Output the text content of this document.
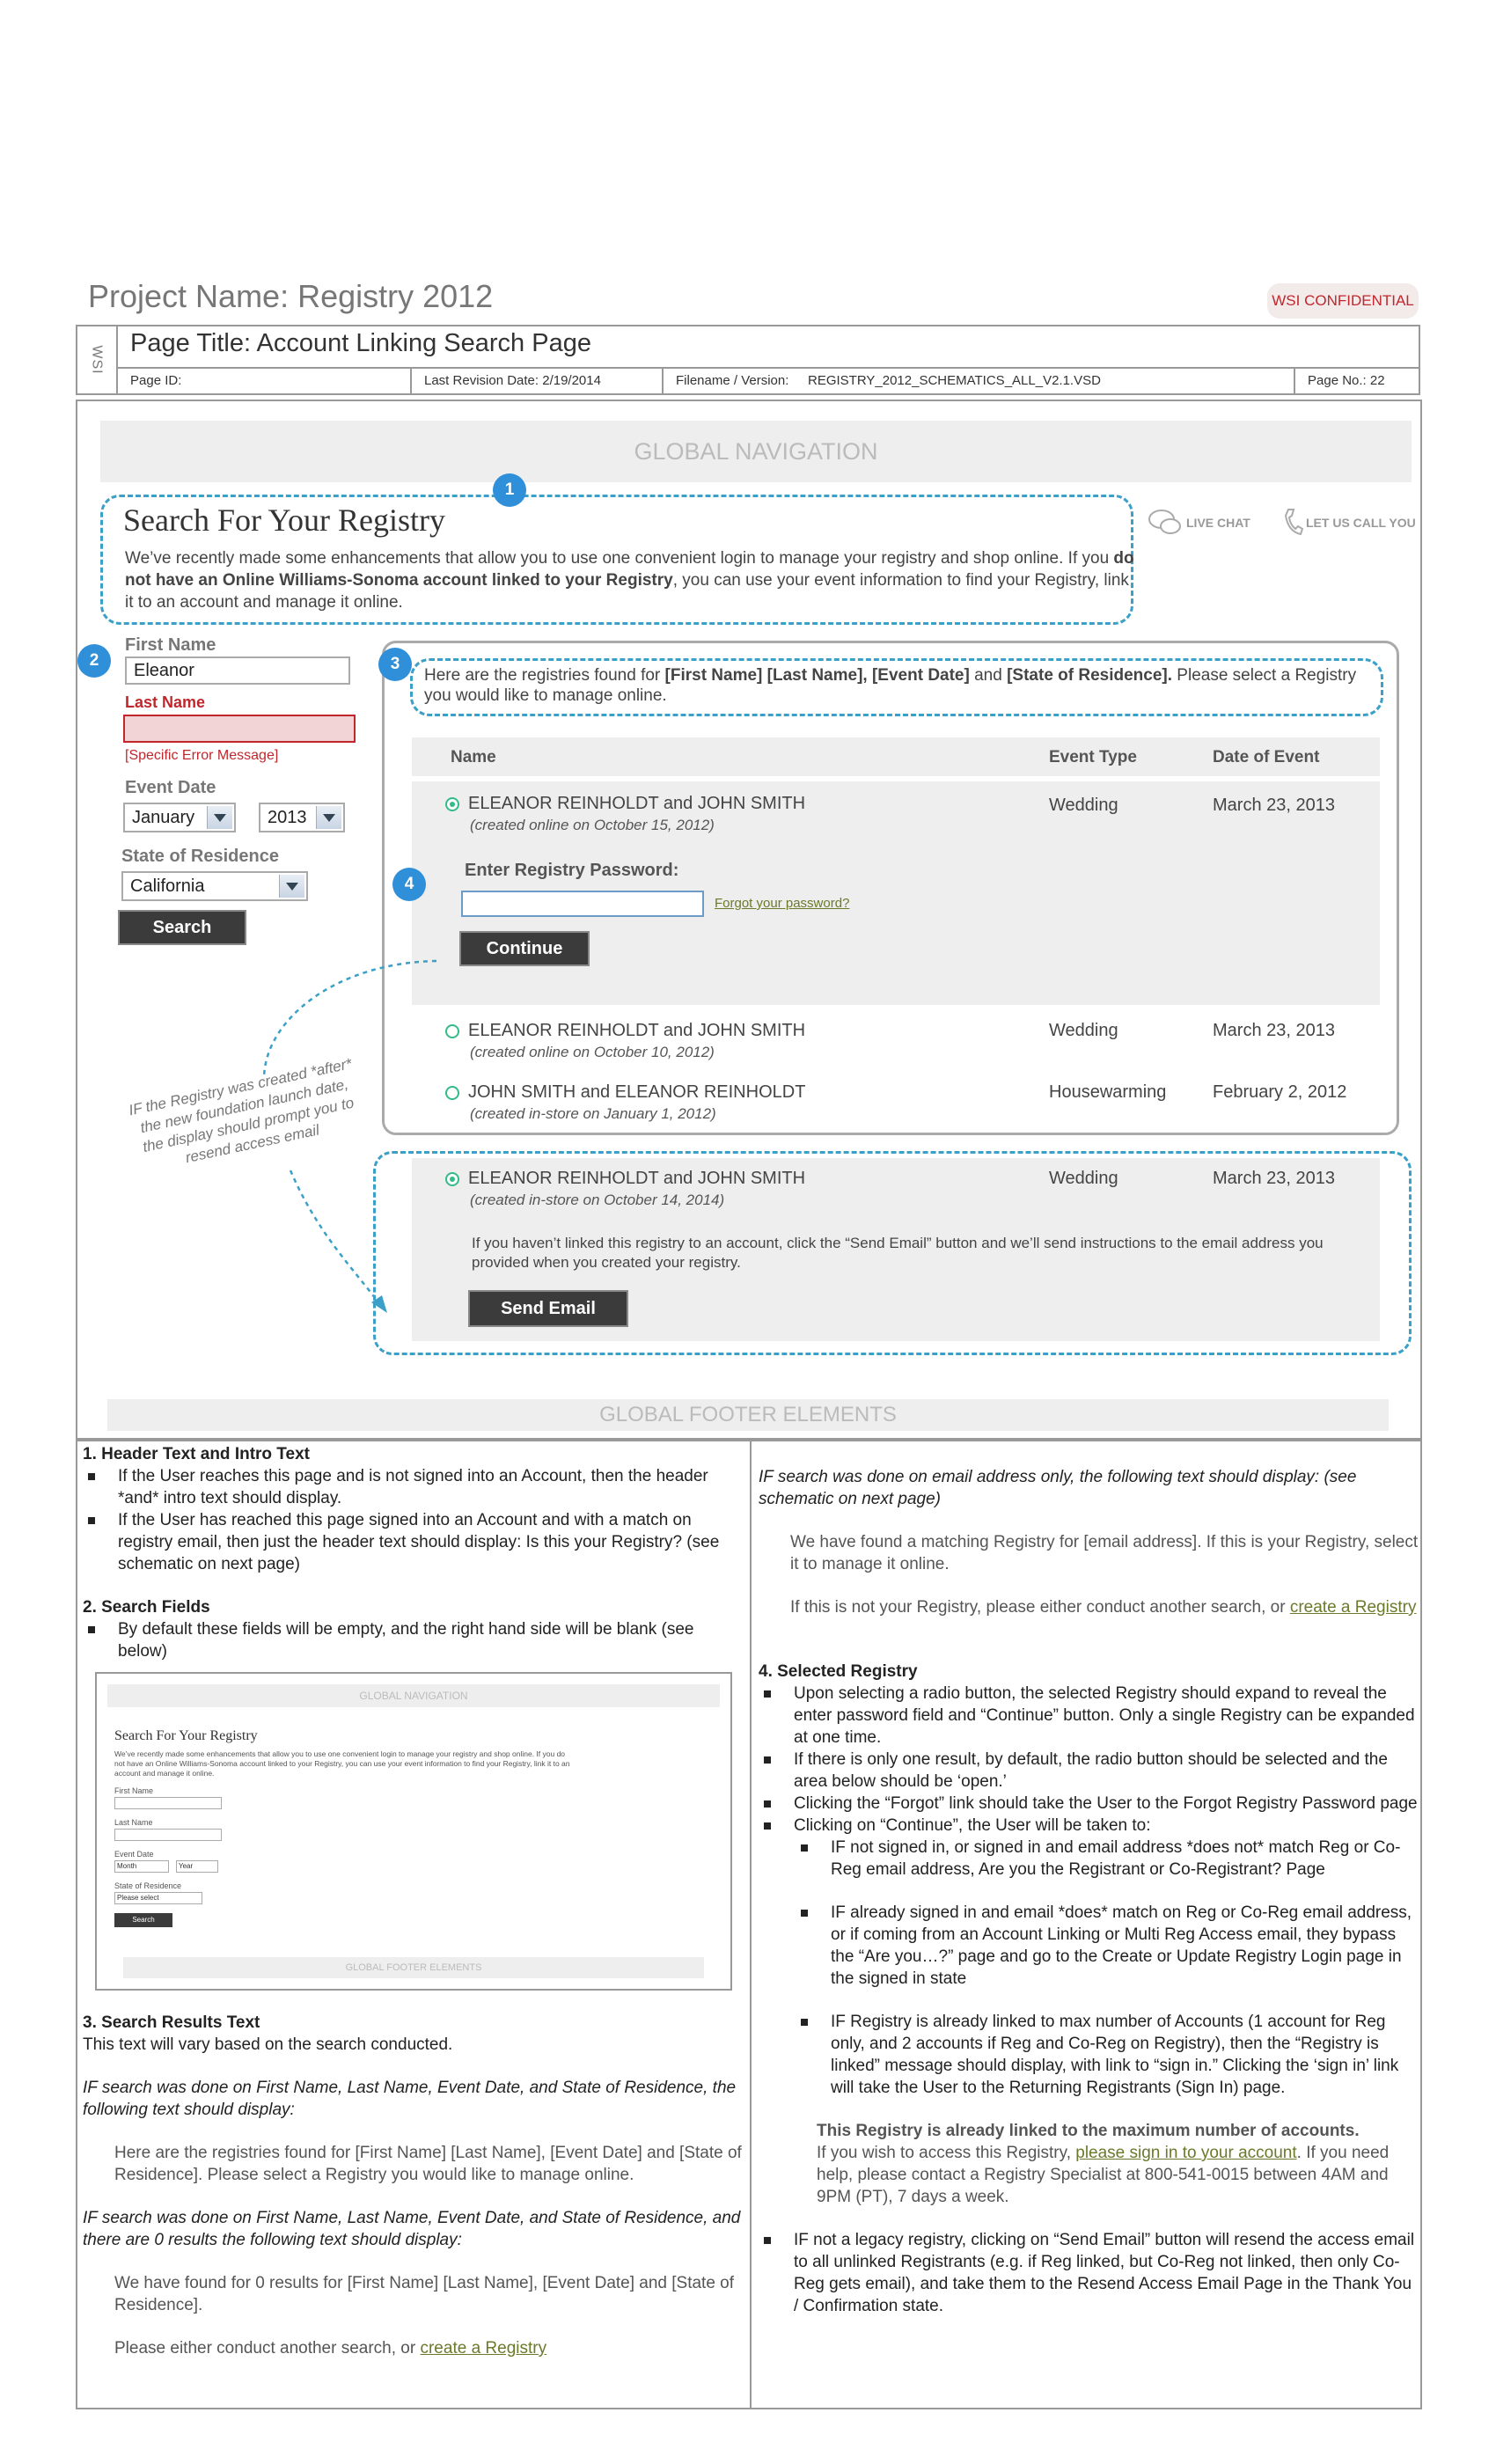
Project Name: Registry 2012	WSI CONFIDENTIAL
WSI
Page Title: Account Linking Search Page
Page ID:	Last Revision Date: 2/19/2014	Filename / Version:	REGISTRY_2012_SCHEMATICS_ALL_V2.1.VSD	Page No.: 22
GLOBAL NAVIGATION
1
Search For Your Registry
We’ve recently made some enhancements that allow you to use one convenient login to manage your registry and shop online. If you do not have an Online Williams-Sonoma account linked to your Registry, you can use your event information to find your Registry, link it to an account and manage it online.
LIVE CHAT	LET US CALL YOU
2
First Name
Eleanor
Last Name
[Specific Error Message]
Event Date
January	2013
State of Residence
California
Search
3
Here are the registries found for [First Name] [Last Name], [Event Date] and [State of Residence]. Please select a Registry you would like to manage online.
Name	Event Type	Date of Event
ELEANOR REINHOLDT and JOHN SMITH
(created online on October 15, 2012)
Wedding	March 23, 2013
4
Enter Registry Password:
Forgot your password?
Continue
ELEANOR REINHOLDT and JOHN SMITH
(created online on October 10, 2012)
Wedding	March 23, 2013
JOHN SMITH and ELEANOR REINHOLDT
(created in-store on January 1, 2012)
Housewarming	February 2, 2012
ELEANOR REINHOLDT and JOHN SMITH
(created in-store on October 14, 2014)
Wedding	March 23, 2013
If you haven’t linked this registry to an account, click the “Send Email” button and we’ll send instructions to the email address you provided when you created your registry.
Send Email
IF the Registry was created *after* the new foundation launch date, the display should prompt you to resend access email
GLOBAL FOOTER ELEMENTS

1. Header Text and Intro Text

If the User reaches this page and is not signed into an Account, then the header *and* intro text should display.
If the User has reached this page signed into an Account and with a match on registry email, then just the header text should display: Is this your Registry? (see schematic on next page)

2. Search Fields

By default these fields will be empty, and the right hand side will be blank (see below)
GLOBAL NAVIGATION
Search For Your Registry
We’ve recently made some enhancements that allow you to use one convenient login to manage your registry and shop online. If you do not have an Online Williams-Sonoma account linked to your Registry, you can use your event information to find your Registry, link it to an account and manage it online.
First Name
Last Name
Event Date
Month	Year
State of Residence
Please select
Search
GLOBAL FOOTER ELEMENTS

3. Search Results Text

This text will vary based on the search conducted.

IF search was done on First Name, Last Name, Event Date, and State of Residence, the following text should display:

Here are the registries found for [First Name] [Last Name], [Event Date] and [State of Residence]. Please select a Registry you would like to manage online.

IF search was done on First Name, Last Name, Event Date, and State of Residence, and there are 0 results the following text should display:

We have found for 0 results for [First Name] [Last Name], [Event Date] and [State of Residence].

Please either conduct another search, or create a Registry

IF search was done on email address only, the following text should display: (see schematic on next page)

We have found a matching Registry for [email address]. If this is your Registry, select it to manage it online.

If this is not your Registry, please either conduct another search, or create a Registry

4. Selected Registry

Upon selecting a radio button, the selected Registry should expand to reveal the enter password field and “Continue” button. Only a single Registry can be expanded at one time.
If there is only one result, by default, the radio button should be selected and the area below should be ‘open.’
Clicking the “Forgot” link should take the User to the Forgot Registry Password page
Clicking on “Continue”, the User will be taken to:
IF not signed in, or signed in and email address *does not* match Reg or Co-Reg email address, Are you the Registrant or Co-Registrant? Page
IF already signed in and email *does* match on Reg or Co-Reg email address, or if coming from an Account Linking or Multi Reg Access email, they bypass the “Are you…?” page and go to the Create or Update Registry Login page in the signed in state
IF Registry is already linked to max number of Accounts (1 account for Reg only, and 2 accounts if Reg and Co-Reg on Registry), then the “Registry is linked” message should display, with link to “sign in.” Clicking the ‘sign in’ link will take the User to the Returning Registrants (Sign In) page.

This Registry is already linked to the maximum number of accounts.

If you wish to access this Registry, please sign in to your account. If you need help, please contact a Registry Specialist at 800-541-0015 between 4AM and 9PM (PT), 7 days a week.

IF not a legacy registry, clicking on “Send Email” button will resend the access email to all unlinked Registrants (e.g. if Reg linked, but Co-Reg not linked, then only Co-Reg gets email), and take them to the Resend Access Email Page in the Thank You / Confirmation state.
